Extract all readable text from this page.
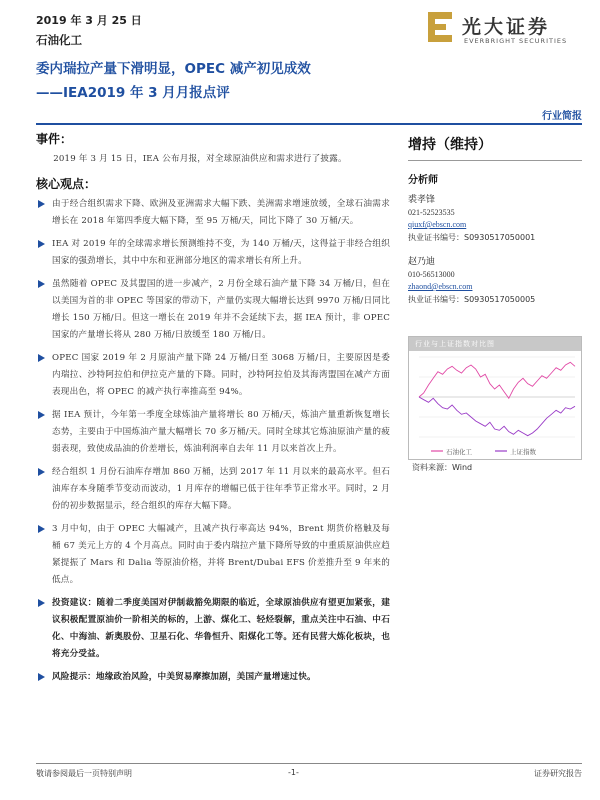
2019 年 3 月 25 日
石油化工
光大证券
EVERBRIGHT SECURITIES
委内瑞拉产量下滑明显，OPEC 减产初见成效
——IEA2019 年 3 月月报点评
行业简报
事件：
2019 年 3 月 15 日，IEA 公布月报，对全球原油供应和需求进行了披露。
核心观点：
由于经合组织需求下降、欧洲及亚洲需求大幅下跌、美洲需求增速放缓，全球石油需求增长在 2018 年第四季度大幅下降，至 95 万桶/天，同比下降了 30 万桶/天。
IEA 对 2019 年的全球需求增长预测维持不变，为 140 万桶/天，这得益于非经合组织国家的强劲增长，其中中东和亚洲部分地区的需求增长有所上升。
虽然随着 OPEC 及其盟国的进一步减产，2 月份全球石油产量下降 34 万桶/日，但在以美国为首的非 OPEC 等国家的带动下，产量仍实现大幅增长达到 9970 万桶/日同比增长 150 万桶/日。但这一增长在 2019 年并不会延续下去，据 IEA 预计，非 OPEC 国家的产量增长将从 280 万桶/日放缓至 180 万桶/日。
OPEC 国家 2019 年 2 月原油产量下降 24 万桶/日至 3068 万桶/日，主要原因是委内瑞拉、沙特阿拉伯和伊拉克产量的下降。同时，沙特阿拉伯及其海湾盟国在减产方面表现出色，将 OPEC 的减产执行率推高至 94%。
据 IEA 预计，今年第一季度全球炼油产量将增长 80 万桶/天，炼油产量重新恢复增长态势，主要由于中国炼油产量大幅增长 70 多万桶/天。同时全球其它炼油原油产量的疲弱表现，致使成品油的价差增长，炼油利润率自去年 11 月以来首次上升。
经合组织 1 月份石油库存增加 860 万桶，达到 2017 年 11 月以来的最高水平。但石油库存本身随季节变动而波动，1 月库存的增幅已低于往年季节正常水平。同时，2 月份的初步数据显示，经合组织的库存大幅下降。
3 月中旬，由于 OPEC 大幅减产，且减产执行率高达 94%，Brent 期货价格触及每桶 67 美元上方的 4 个月高点。同时由于委内瑞拉产量下降所导致的中重质原油供应趋紧提振了 Mars 和 Dalia 等原油价格，并将 Brent/Dubai EFS 价差推升至 9 年来的低点。
投资建议：随着二季度美国对伊制裁豁免期限的临近，全球原油供应有望更加紧张，建议积极配置原油价一阶相关的标的，上游、煤化工、轻烃裂解，重点关注中石油、中石化、中海油、新奥股份、卫星石化、华鲁恒升、阳煤化工等。还有民营大炼化板块，也将充分受益。
风险提示：地缘政治风险，中美贸易摩擦加剧，美国产量增速过快。
增持（维持）
分析师
裘孝锋
021-52523535
qiuxf@ebscn.com
执业证书编号：S0930517050001
赵乃迪
010-56513000
zhaond@ebscn.com
执业证书编号：S0930517050005
行业与上证指数对比图
石油化工	上证指数
资料来源：Wind
敬请参阅最后一页特别声明	-1-	证券研究报告
